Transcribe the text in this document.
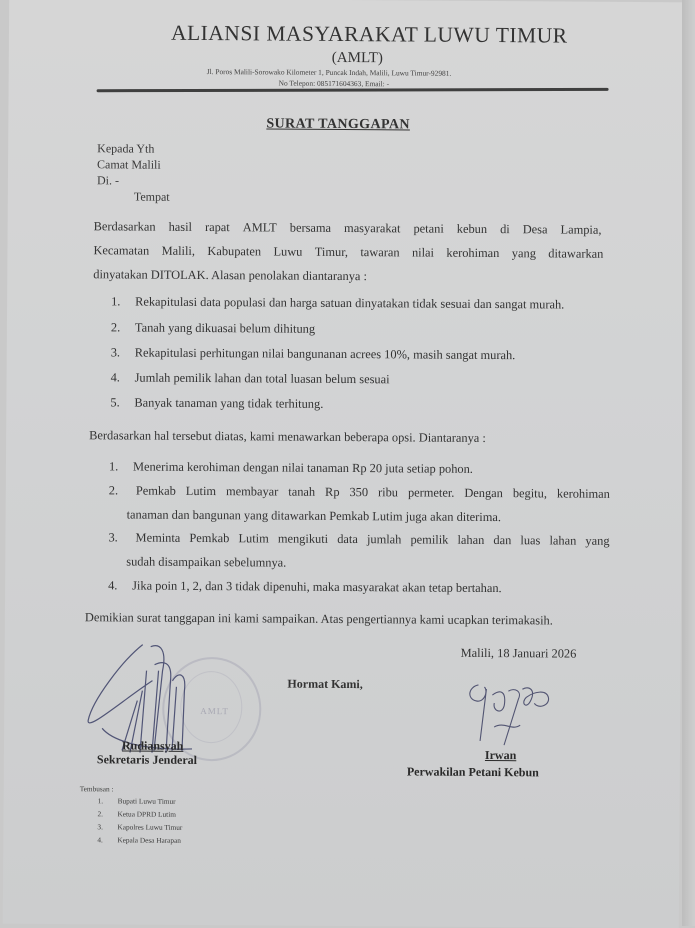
ALIANSI MASYARAKAT LUWU TIMUR
(AMLT)
Jl. Poros Malili-Sorowako Kilometer 1, Puncak Indah, Malili, Luwu Timur-92981.
No Telepon: 085171604363, Email: -
SURAT TANGGAPAN
Kepada Yth
Camat Malili
Di. -
Tempat
Berdasarkan hasil rapat AMLT bersama masyarakat petani kebun di Desa Lampia,
Kecamatan Malili, Kabupaten Luwu Timur, tawaran nilai kerohiman yang ditawarkan
dinyatakan DITOLAK. Alasan penolakan diantaranya :
1. Rekapitulasi data populasi dan harga satuan dinyatakan tidak sesuai dan sangat murah.
2. Tanah yang dikuasai belum dihitung
3. Rekapitulasi perhitungan nilai bangunanan acrees 10%, masih sangat murah.
4. Jumlah pemilik lahan dan total luasan belum sesuai
5. Banyak tanaman yang tidak terhitung.
Berdasarkan hal tersebut diatas, kami menawarkan beberapa opsi. Diantaranya :
1. Menerima kerohiman dengan nilai tanaman Rp 20 juta setiap pohon.
2. Pemkab Lutim membayar tanah Rp 350 ribu permeter. Dengan begitu, kerohiman
tanaman dan bangunan yang ditawarkan Pemkab Lutim juga akan diterima.
3. Meminta Pemkab Lutim mengikuti data jumlah pemilik lahan dan luas lahan yang
sudah disampaikan sebelumnya.
4. Jika poin 1, 2, dan 3 tidak dipenuhi, maka masyarakat akan tetap bertahan.
Demikian surat tanggapan ini kami sampaikan. Atas pengertiannya kami ucapkan terimakasih.
Malili, 18 Januari 2026
Hormat Kami,
AMLT
Rudiansyah
Sekretaris Jenderal	Irwan
Perwakilan Petani Kebun
Tembusan :
1. Bupati Luwu Timur
2. Ketua DPRD Lutim
3. Kapolres Luwu Timur
4. Kepala Desa Harapan
